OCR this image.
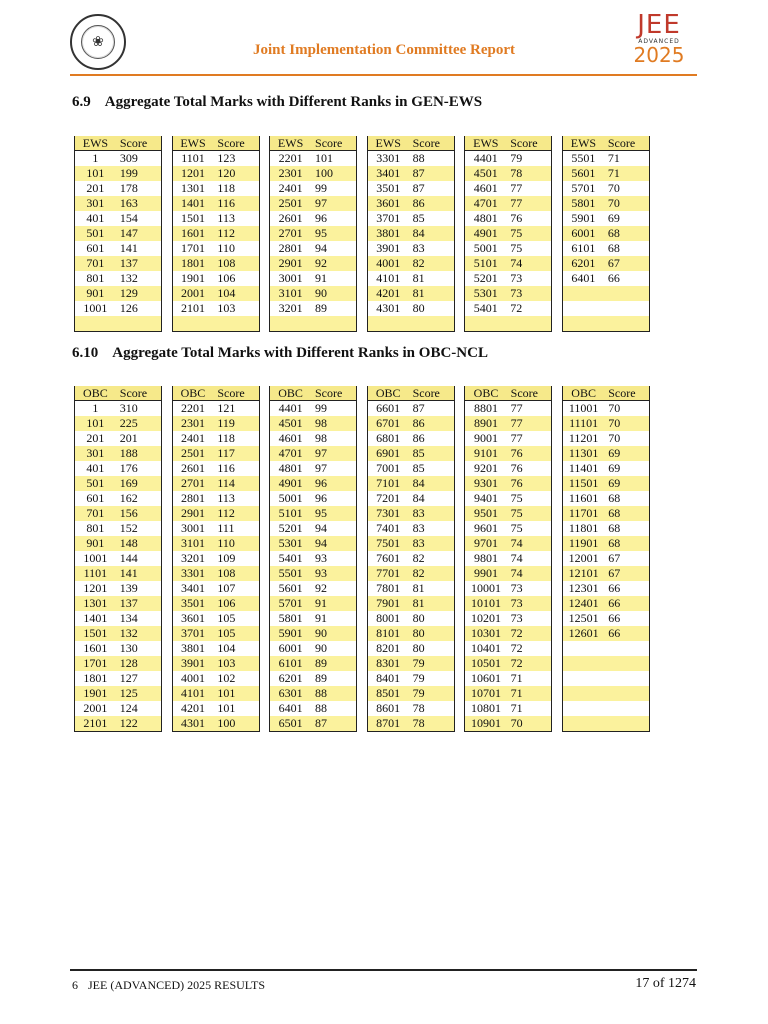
❀	Joint Implementation Committee Report
JEE
ADVANCED
2025
6.9 Aggregate Total Marks with Different Ranks in GEN-EWS
EWS	Score
1	309
101	199
201	178
301	163
401	154
501	147
601	141
701	137
801	132
901	129
1001	126

EWS	Score
1101	123
1201	120
1301	118
1401	116
1501	113
1601	112
1701	110
1801	108
1901	106
2001	104
2101	103

EWS	Score
2201	101
2301	100
2401	99
2501	97
2601	96
2701	95
2801	94
2901	92
3001	91
3101	90
3201	89

EWS	Score
3301	88
3401	87
3501	87
3601	86
3701	85
3801	84
3901	83
4001	82
4101	81
4201	81
4301	80

EWS	Score
4401	79
4501	78
4601	77
4701	77
4801	76
4901	75
5001	75
5101	74
5201	73
5301	73
5401	72

EWS	Score
5501	71
5601	71
5701	70
5801	70
5901	69
6001	68
6101	68
6201	67
6401	66

6.10 Aggregate Total Marks with Different Ranks in OBC-NCL
OBC	Score
1	310
101	225
201	201
301	188
401	176
501	169
601	162
701	156
801	152
901	148
1001	144
1101	141
1201	139
1301	137
1401	134
1501	132
1601	130
1701	128
1801	127
1901	125
2001	124
2101	122
OBC	Score
2201	121
2301	119
2401	118
2501	117
2601	116
2701	114
2801	113
2901	112
3001	111
3101	110
3201	109
3301	108
3401	107
3501	106
3601	105
3701	105
3801	104
3901	103
4001	102
4101	101
4201	101
4301	100
OBC	Score
4401	99
4501	98
4601	98
4701	97
4801	97
4901	96
5001	96
5101	95
5201	94
5301	94
5401	93
5501	93
5601	92
5701	91
5801	91
5901	90
6001	90
6101	89
6201	89
6301	88
6401	88
6501	87
OBC	Score
6601	87
6701	86
6801	86
6901	85
7001	85
7101	84
7201	84
7301	83
7401	83
7501	83
7601	82
7701	82
7801	81
7901	81
8001	80
8101	80
8201	80
8301	79
8401	79
8501	79
8601	78
8701	78
OBC	Score
8801	77
8901	77
9001	77
9101	76
9201	76
9301	76
9401	75
9501	75
9601	75
9701	74
9801	74
9901	74
10001	73
10101	73
10201	73
10301	72
10401	72
10501	72
10601	71
10701	71
10801	71
10901	70
OBC	Score
11001	70
11101	70
11201	70
11301	69
11401	69
11501	69
11601	68
11701	68
11801	68
11901	68
12001	67
12101	67
12301	66
12401	66
12501	66
12601	66

6 JEE (ADVANCED) 2025 RESULTS	17 of 1274
